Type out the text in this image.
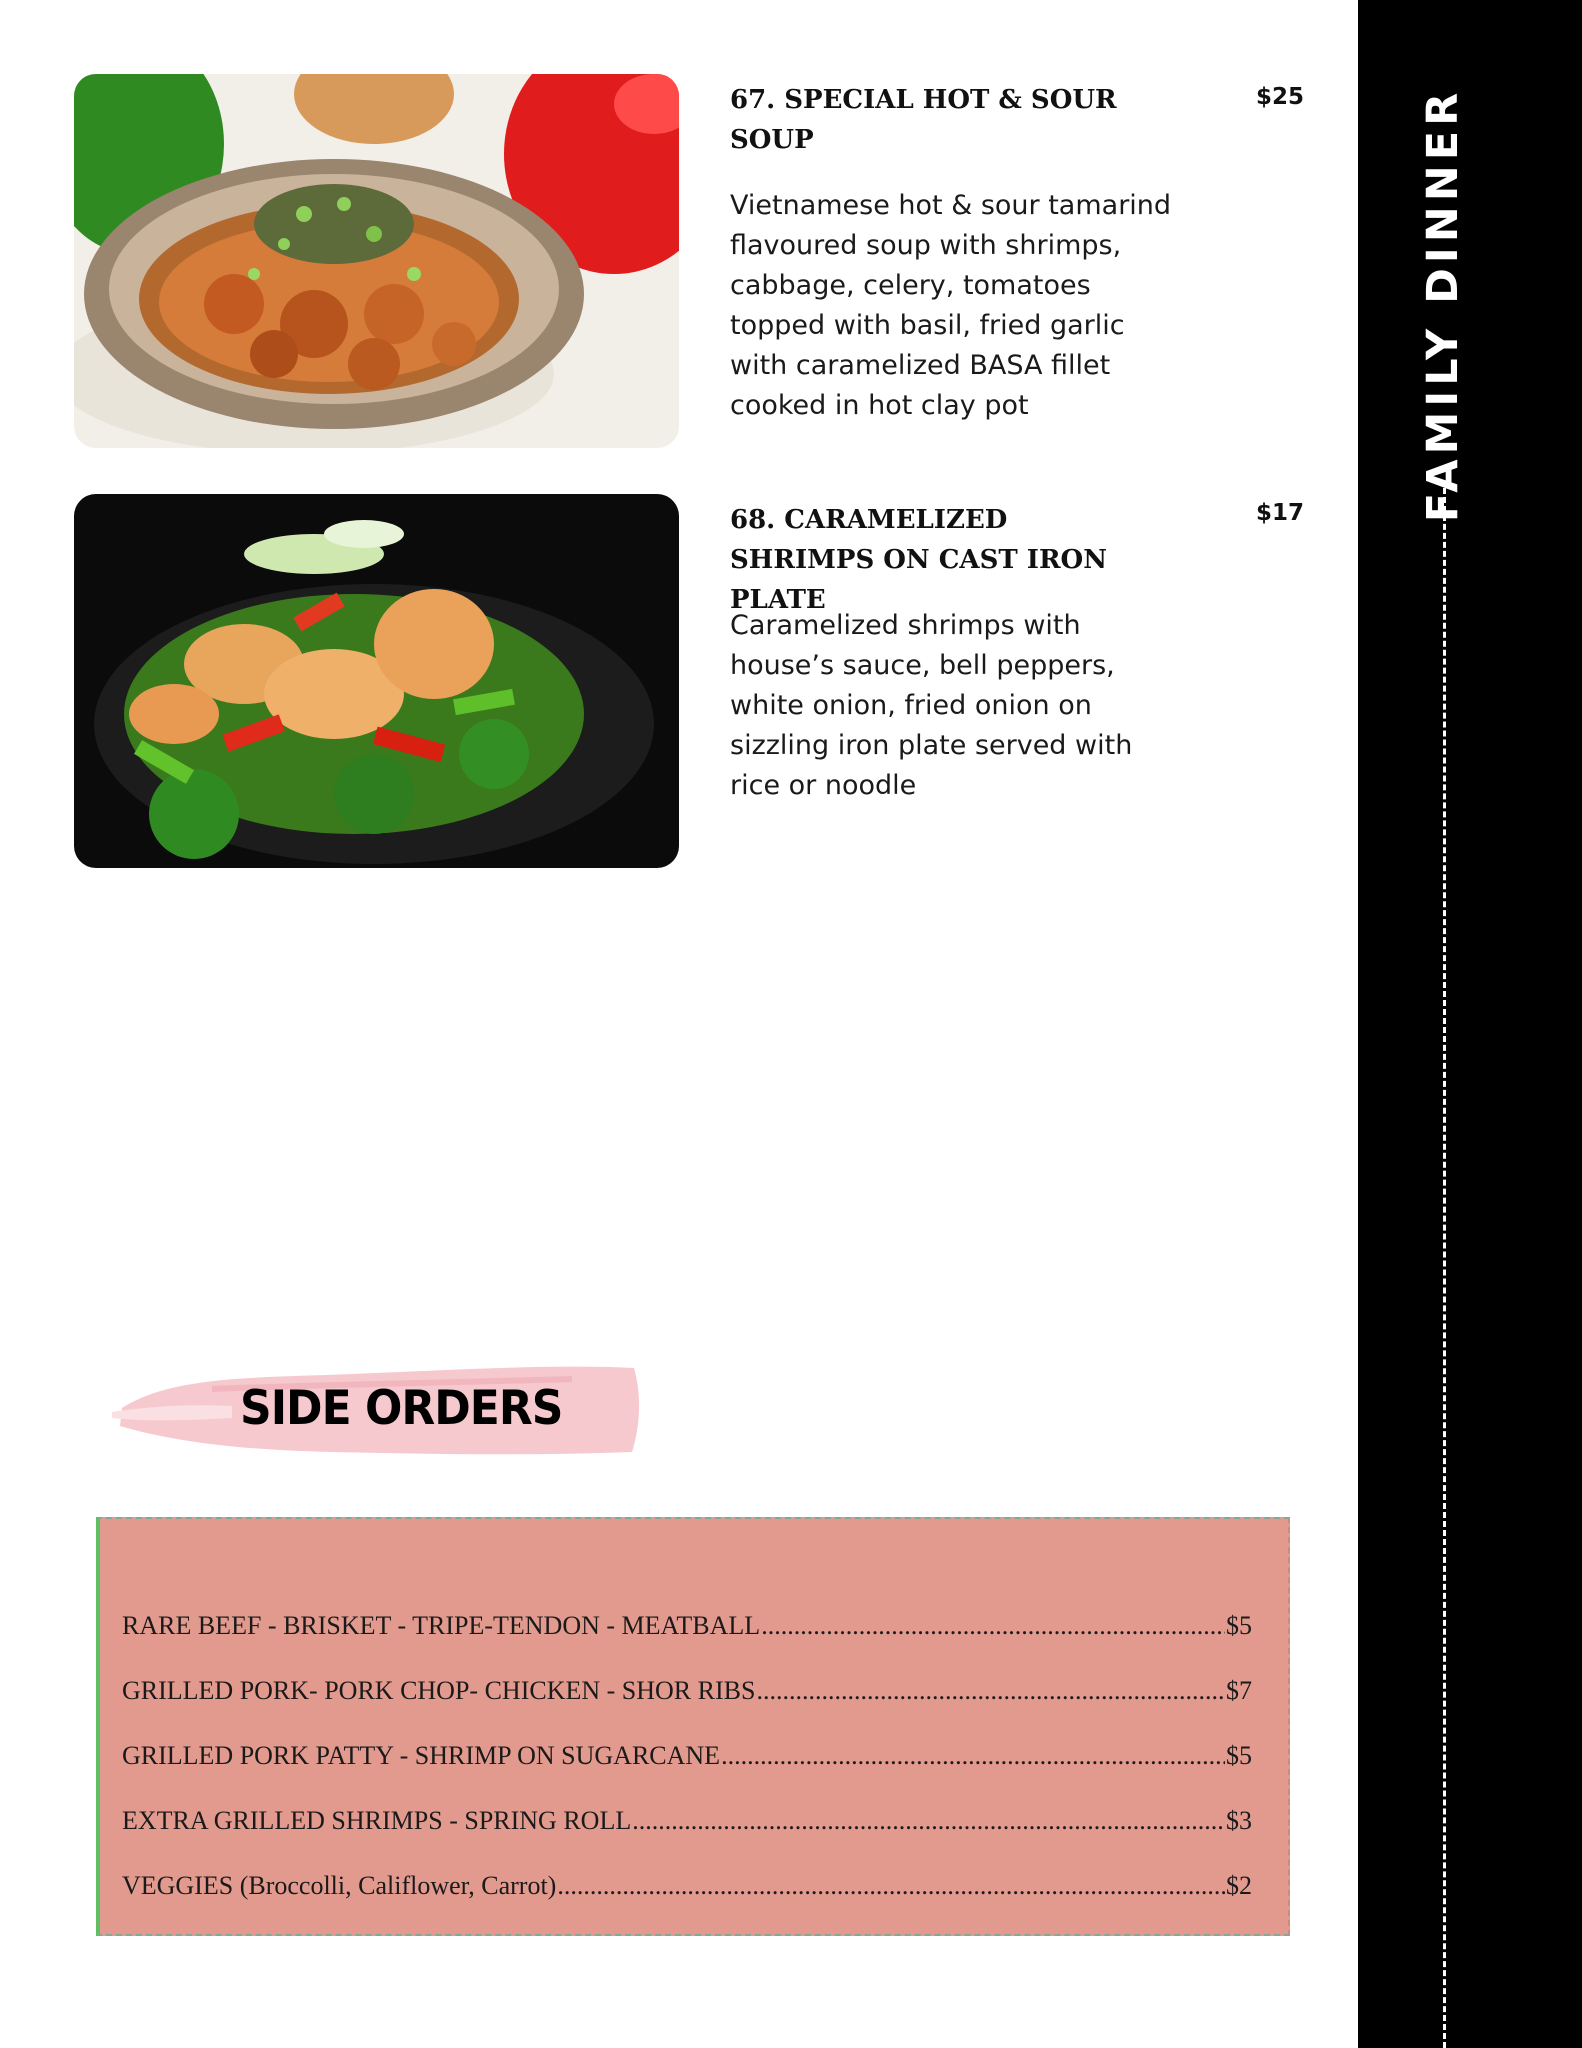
FAMILY DINNER
67. SPECIAL HOT & SOUR SOUP
$25

Vietnamese hot & sour tamarind flavoured soup with shrimps, cabbage, celery, tomatoes topped with basil, fried garlic with caramelized BASA fillet cooked in hot clay pot

68. CARAMELIZED SHRIMPS ON CAST IRON PLATE
$17

Caramelized shrimps with house’s sauce, bell peppers, white onion, fried onion on sizzling iron plate served with rice or noodle

SIDE ORDERS
RARE BEEF - BRISKET - TRIPE-TENDON - MEATBALL .....	$5
GRILLED PORK- PORK CHOP- CHICKEN - SHOR RIBS .....	$7
GRILLED PORK PATTY - SHRIMP ON SUGARCANE .....	$5
EXTRA GRILLED SHRIMPS - SPRING ROLL .....	$3
VEGGIES (Broccolli, Califlower, Carrot) .....	$2
